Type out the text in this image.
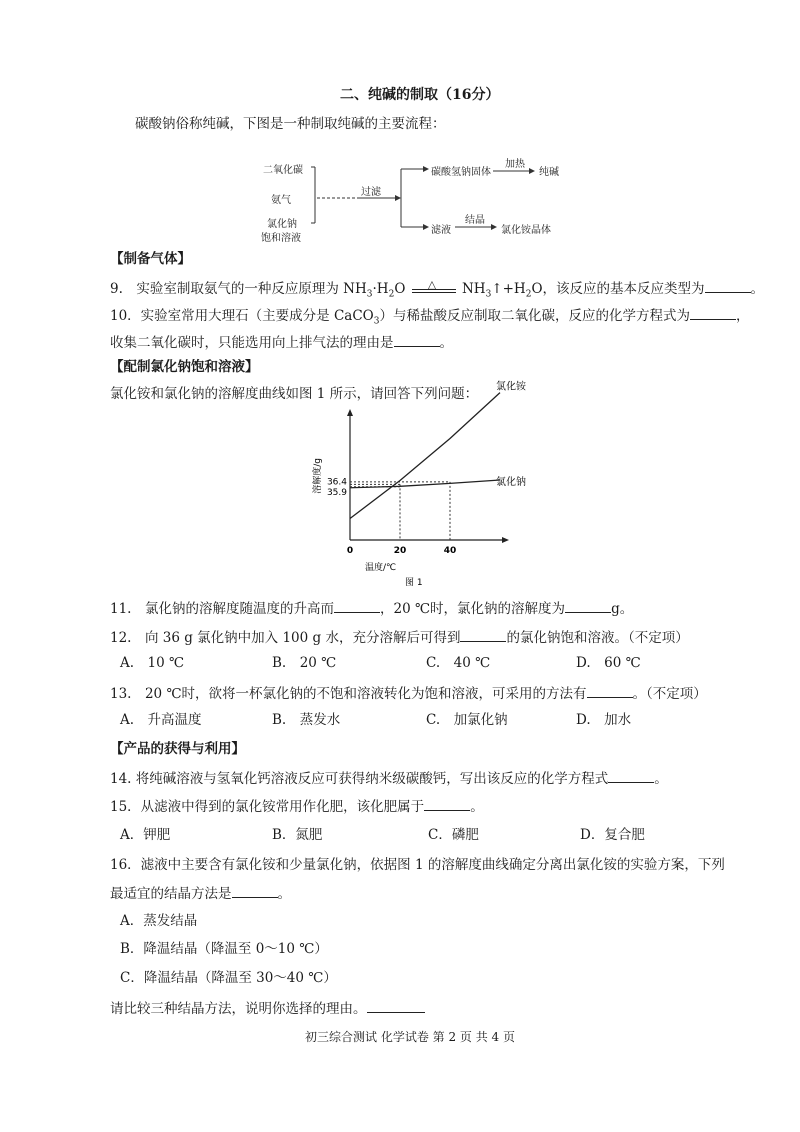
二、纯碱的制取（16分）
碳酸钠俗称纯碱，下图是一种制取纯碱的主要流程：
二氧化碳
氨气
氯化钠
饱和溶液
过滤
碳酸氢钠固体
加热
纯碱
滤液
结晶
氯化铵晶体
【制备气体】
9.　实验室制取氨气的一种反应原理为 $NH_3\cdot H_2O$ △ $NH_3↑+H_2O$，该反应的基本反应类型为	。
10．实验室常用大理石（主要成分是 CaCO$_3$）与稀盐酸反应制取二氧化碳，反应的化学方程式为	，
收集二氧化碳时，只能选用向上排气法的理由是	。
【配制氯化钠饱和溶液】
氯化铵和氯化钠的溶解度曲线如图 1 所示，请回答下列问题：
0	20	40
35.9
36.4
氯化铵
氯化钠
溶解度/g
温度/℃
图 1
11.　氯化钠的溶解度随温度的升高而	，20 ℃时，氯化钠的溶解度为	g。
12.　向 36 g 氯化钠中加入 100 g 水，充分溶解后可得到	的氯化钠饱和溶液。（不定项）
A.　10 ℃	B.　20 ℃	C.　40 ℃	D.　60 ℃
13.　20 ℃时，欲将一杯氯化钠的不饱和溶液转化为饱和溶液，可采用的方法有	。（不定项）
A.　升高温度	B.　蒸发水	C.　加氯化钠	D.　加水
【产品的获得与利用】
14. 将纯碱溶液与氢氧化钙溶液反应可获得纳米级碳酸钙，写出该反应的化学方程式	。
15．从滤液中得到的氯化铵常用作化肥，该化肥属于	。
A．钾肥	B．氮肥	C．磷肥	D．复合肥
16．滤液中主要含有氯化铵和少量氯化钠，依据图 1 的溶解度曲线确定分离出氯化铵的实验方案，下列
最适宜的结晶方法是	。
A．蒸发结晶
B．降温结晶（降温至 0～10 ℃）
C．降温结晶（降温至 30～40 ℃）
请比较三种结晶方法，说明你选择的理由。
初三综合测试 化学试卷 第 2 页 共 4 页
